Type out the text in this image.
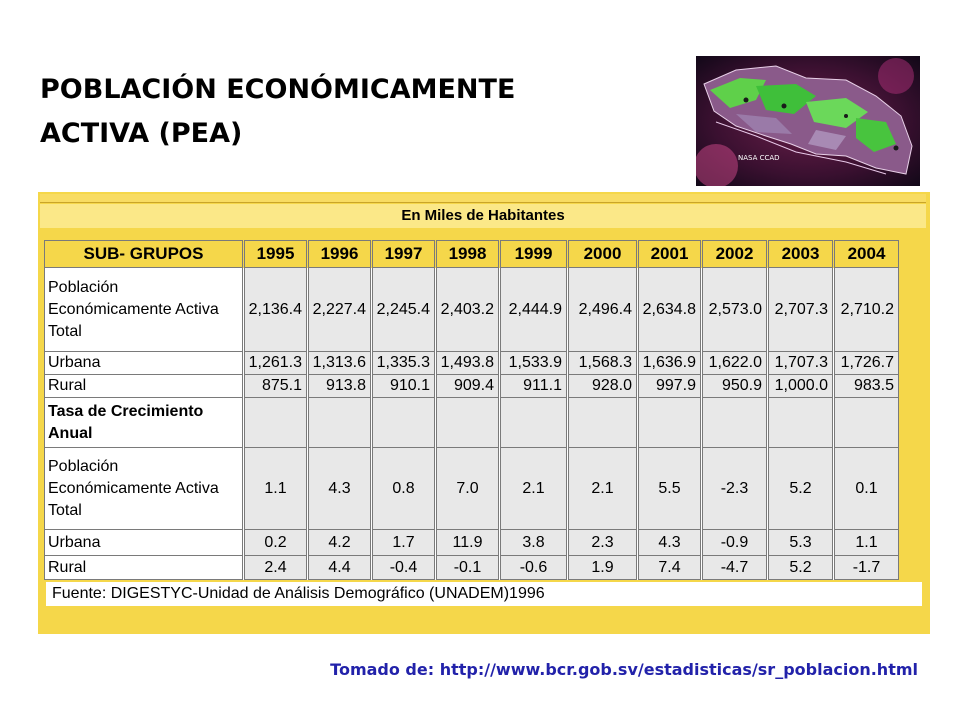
POBLACIÓN ECONÓMICAMENTE
ACTIVA (PEA)
NASA CCAD
En Miles de Habitantes
SUB- GRUPOS		1995		1996		1997		1998		1999		2000		2001		2002		2003		2004

Población
Económicamente Activa
Total		2,136.4		2,227.4		2,245.4		2,403.2		2,444.9		2,496.4		2,634.8		2,573.0		2,707.3		2,710.2

Urbana		1,261.3		1,313.6		1,335.3		1,493.8		1,533.9		1,568.3		1,636.9		1,622.0		1,707.3		1,726.7

Rural		875.1		913.8		910.1		909.4		911.1		928.0		997.9		950.9		1,000.0		983.5

Tasa de Crecimiento
Anual																				

Población
Económicamente Activa
Total		1.1		4.3		0.8		7.0		2.1		2.1		5.5		-2.3		5.2		0.1

Urbana		0.2		4.2		1.7		11.9		3.8		2.3		4.3		-0.9		5.3		1.1

Rural		2.4		4.4		-0.4		-0.1		-0.6		1.9		7.4		-4.7		5.2		-1.7
Fuente: DIGESTYC-Unidad de Análisis Demográfico (UNADEM)1996
Tomado de: http://www.bcr.gob.sv/estadisticas/sr_poblacion.html
